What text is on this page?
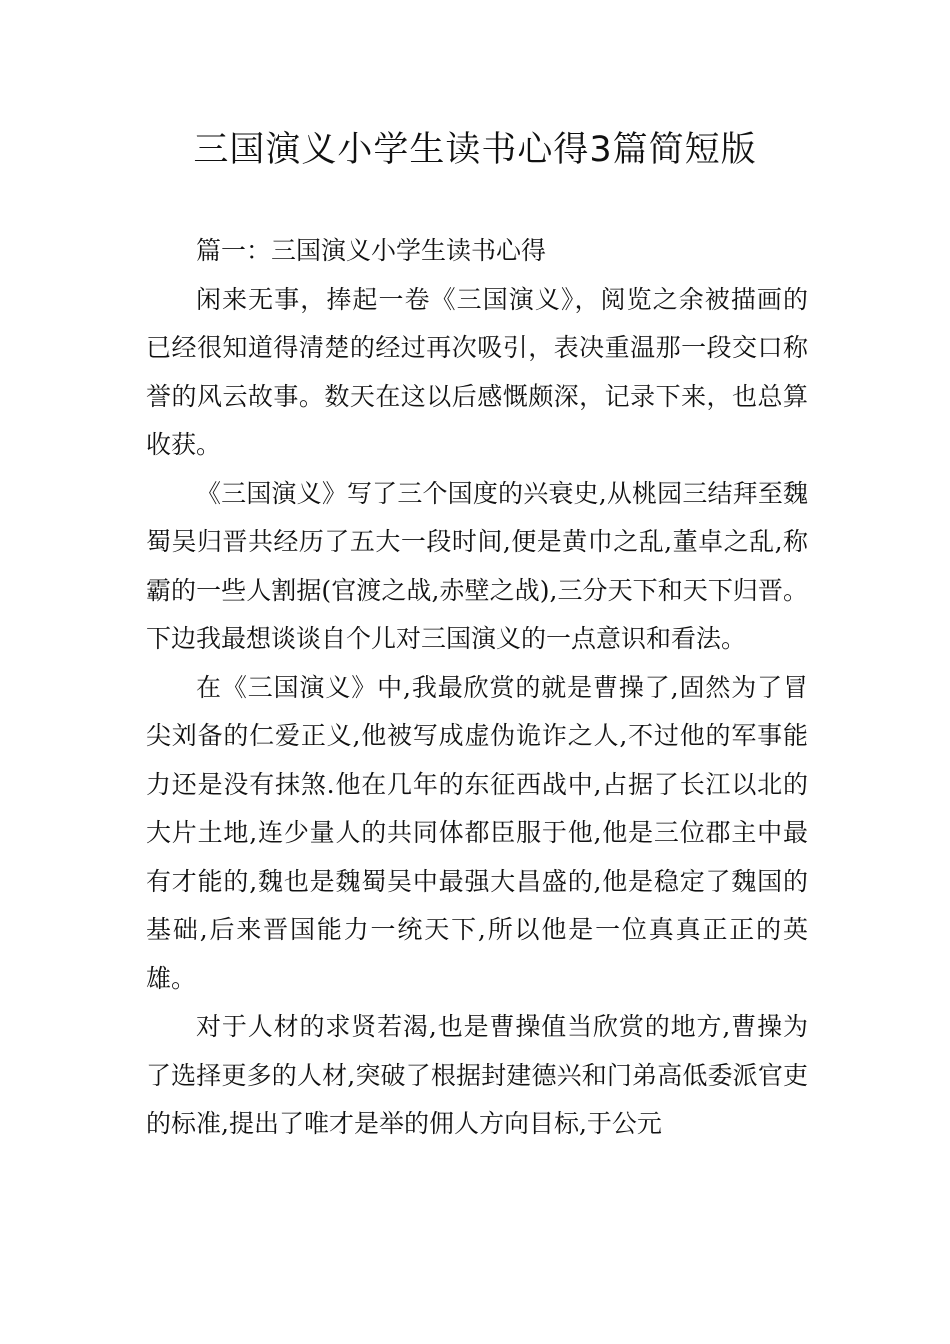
三国演义小学生读书心得3篇简短版

篇一：三国演义小学生读书心得

闲来无事，捧起一卷《三国演义》，阅览之余被描画的已经很知道得清楚的经过再次吸引，表决重温那一段交口称誉的风云故事。数天在这以后感慨颇深，记录下来，也总算收获。

《三国演义》写了三个国度的兴衰史,从桃园三结拜至魏蜀吴归晋共经历了五大一段时间,便是黄巾之乱,董卓之乱,称霸的一些人割据(官渡之战,赤壁之战),三分天下和天下归晋。下边我最想谈谈自个儿对三国演义的一点意识和看法。

在《三国演义》中,我最欣赏的就是曹操了,固然为了冒尖刘备的仁爱正义,他被写成虚伪诡诈之人,不过他的军事能力还是没有抹煞.他在几年的东征西战中,占据了长江以北的大片土地,连少量人的共同体都臣服于他,他是三位郡主中最有才能的,魏也是魏蜀吴中最强大昌盛的,他是稳定了魏国的基础,后来晋国能力一统天下,所以他是一位真真正正的英雄。

对于人材的求贤若渴,也是曹操值当欣赏的地方,曹操为了选择更多的人材,突破了根据封建德兴和门弟高低委派官吏的标准,提出了唯才是举的佣人方向目标,于公元
